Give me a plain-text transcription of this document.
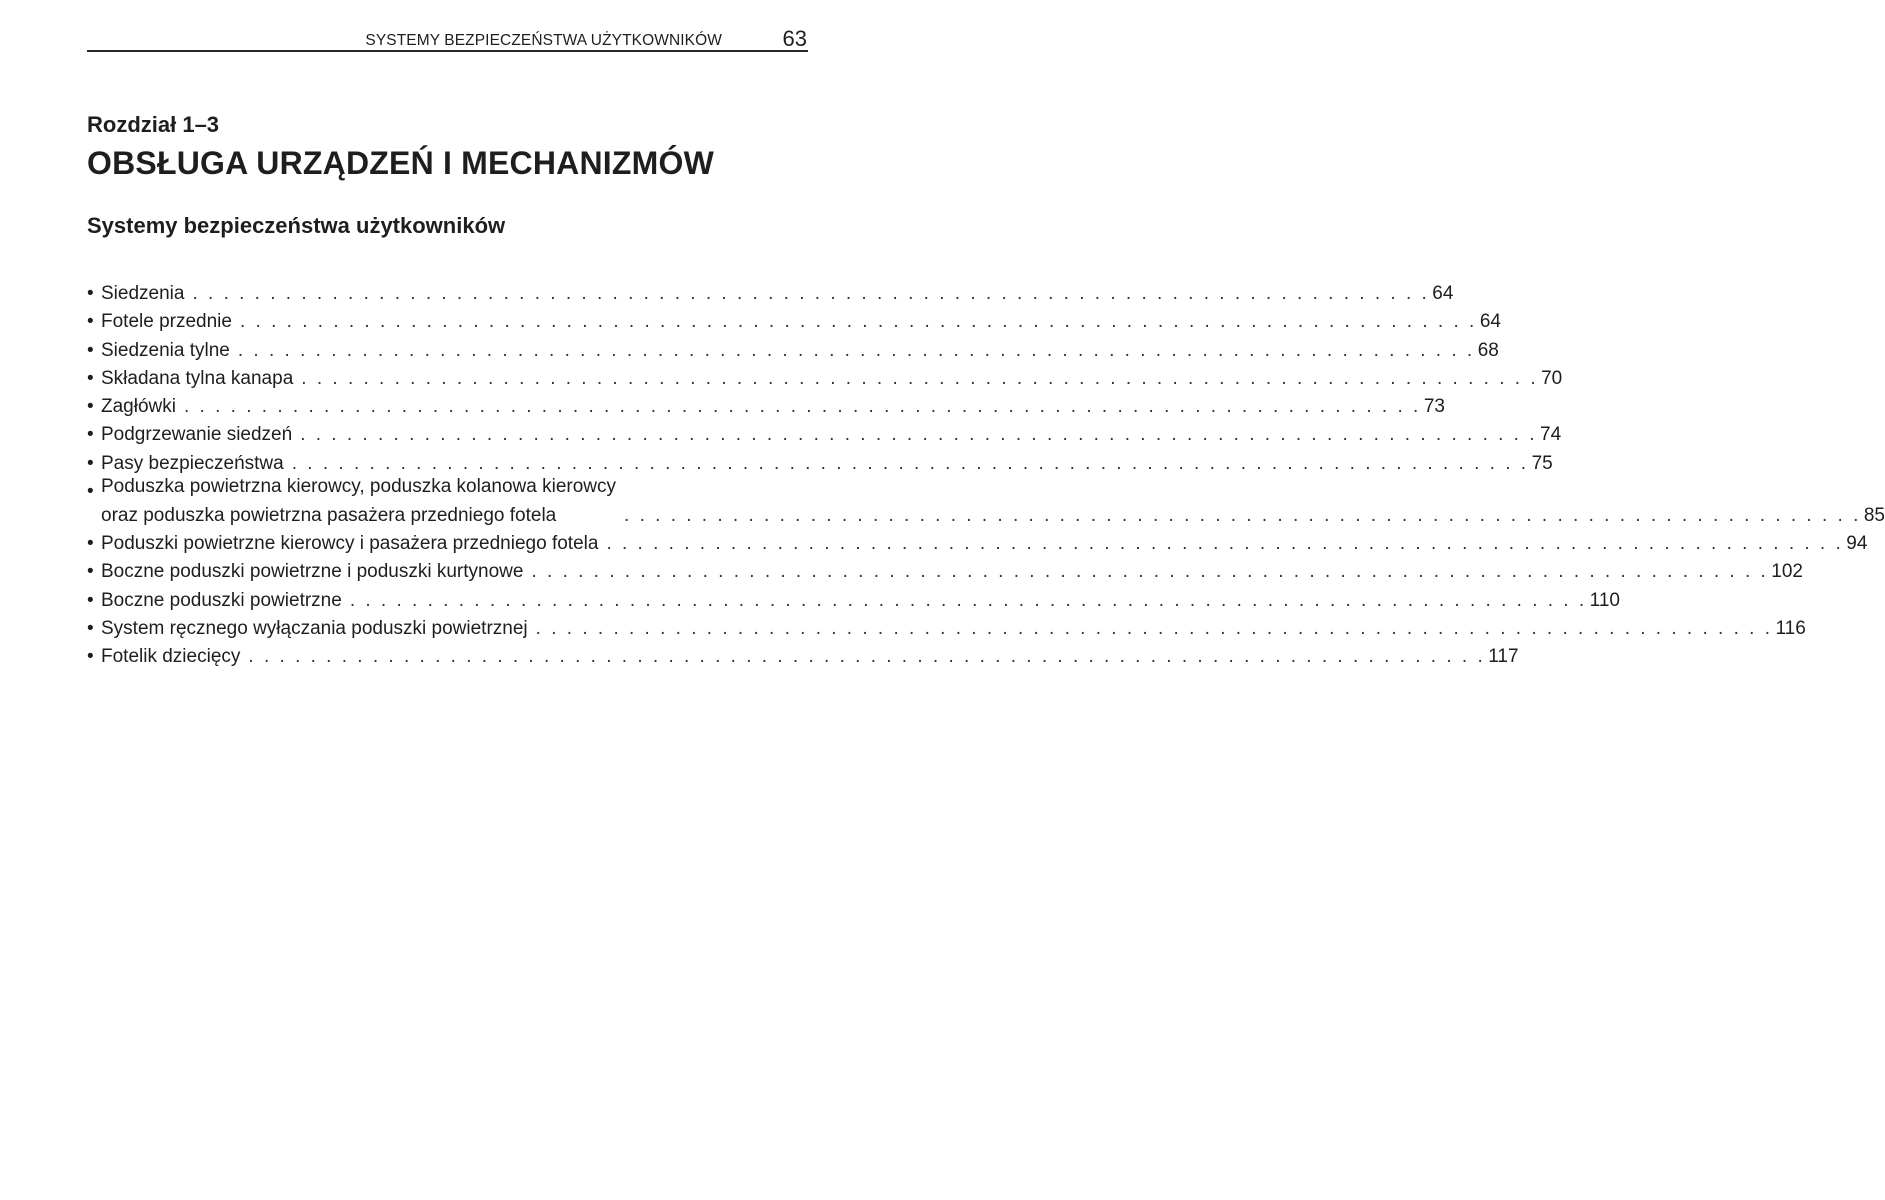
SYSTEMY BEZPIECZEŃSTWA UŻYTKOWNIKÓW	63
Rozdział 1–3
OBSŁUGA URZĄDZEŃ I MECHANIZMÓW
Systemy bezpieczeństwa użytkowników
• Siedzenia . . . . . . . . . . . . . . . . . . . . . . . . . . . . . . . . . . . . . . . . . . . . . . . . . . . . . . . . . . . . . . . . . . . . . . . . . . . . . . . . 64
• Fotele przednie . . . . . . . . . . . . . . . . . . . . . . . . . . . . . . . . . . . . . . . . . . . . . . . . . . . . . . . . . . . . . . . . . . . . . . . . . . . . . . . . 64
• Siedzenia tylne . . . . . . . . . . . . . . . . . . . . . . . . . . . . . . . . . . . . . . . . . . . . . . . . . . . . . . . . . . . . . . . . . . . . . . . . . . . . . . . . 68
• Składana tylna kanapa . . . . . . . . . . . . . . . . . . . . . . . . . . . . . . . . . . . . . . . . . . . . . . . . . . . . . . . . . . . . . . . . . . . . . . . . . . . . . . . . 70
• Zagłówki . . . . . . . . . . . . . . . . . . . . . . . . . . . . . . . . . . . . . . . . . . . . . . . . . . . . . . . . . . . . . . . . . . . . . . . . . . . . . . . . 73
• Podgrzewanie siedzeń . . . . . . . . . . . . . . . . . . . . . . . . . . . . . . . . . . . . . . . . . . . . . . . . . . . . . . . . . . . . . . . . . . . . . . . . . . . . . . . . 74
• Pasy bezpieczeństwa . . . . . . . . . . . . . . . . . . . . . . . . . . . . . . . . . . . . . . . . . . . . . . . . . . . . . . . . . . . . . . . . . . . . . . . . . . . . . . . . 75
• Poduszka powietrzna kierowcy, poduszka kolanowa kierowcy
oraz poduszka powietrzna pasażera przedniego fotela	. . . . . . . . . . . . . . . . . . . . . . . . . . . . . . . . . . . . . . . . . . . . . . . . . . . . . . . . . . . . . . . . . . . . . . . . . . . . . . . . 85
• Poduszki powietrzne kierowcy i pasażera przedniego fotela . . . . . . . . . . . . . . . . . . . . . . . . . . . . . . . . . . . . . . . . . . . . . . . . . . . . . . . . . . . . . . . . . . . . . . . . . . . . . . . . 94
• Boczne poduszki powietrzne i poduszki kurtynowe . . . . . . . . . . . . . . . . . . . . . . . . . . . . . . . . . . . . . . . . . . . . . . . . . . . . . . . . . . . . . . . . . . . . . . . . . . . . . . . . 102
• Boczne poduszki powietrzne . . . . . . . . . . . . . . . . . . . . . . . . . . . . . . . . . . . . . . . . . . . . . . . . . . . . . . . . . . . . . . . . . . . . . . . . . . . . . . . . 110
• System ręcznego wyłączania poduszki powietrznej . . . . . . . . . . . . . . . . . . . . . . . . . . . . . . . . . . . . . . . . . . . . . . . . . . . . . . . . . . . . . . . . . . . . . . . . . . . . . . . . 116
• Fotelik dziecięcy . . . . . . . . . . . . . . . . . . . . . . . . . . . . . . . . . . . . . . . . . . . . . . . . . . . . . . . . . . . . . . . . . . . . . . . . . . . . . . . . 117
